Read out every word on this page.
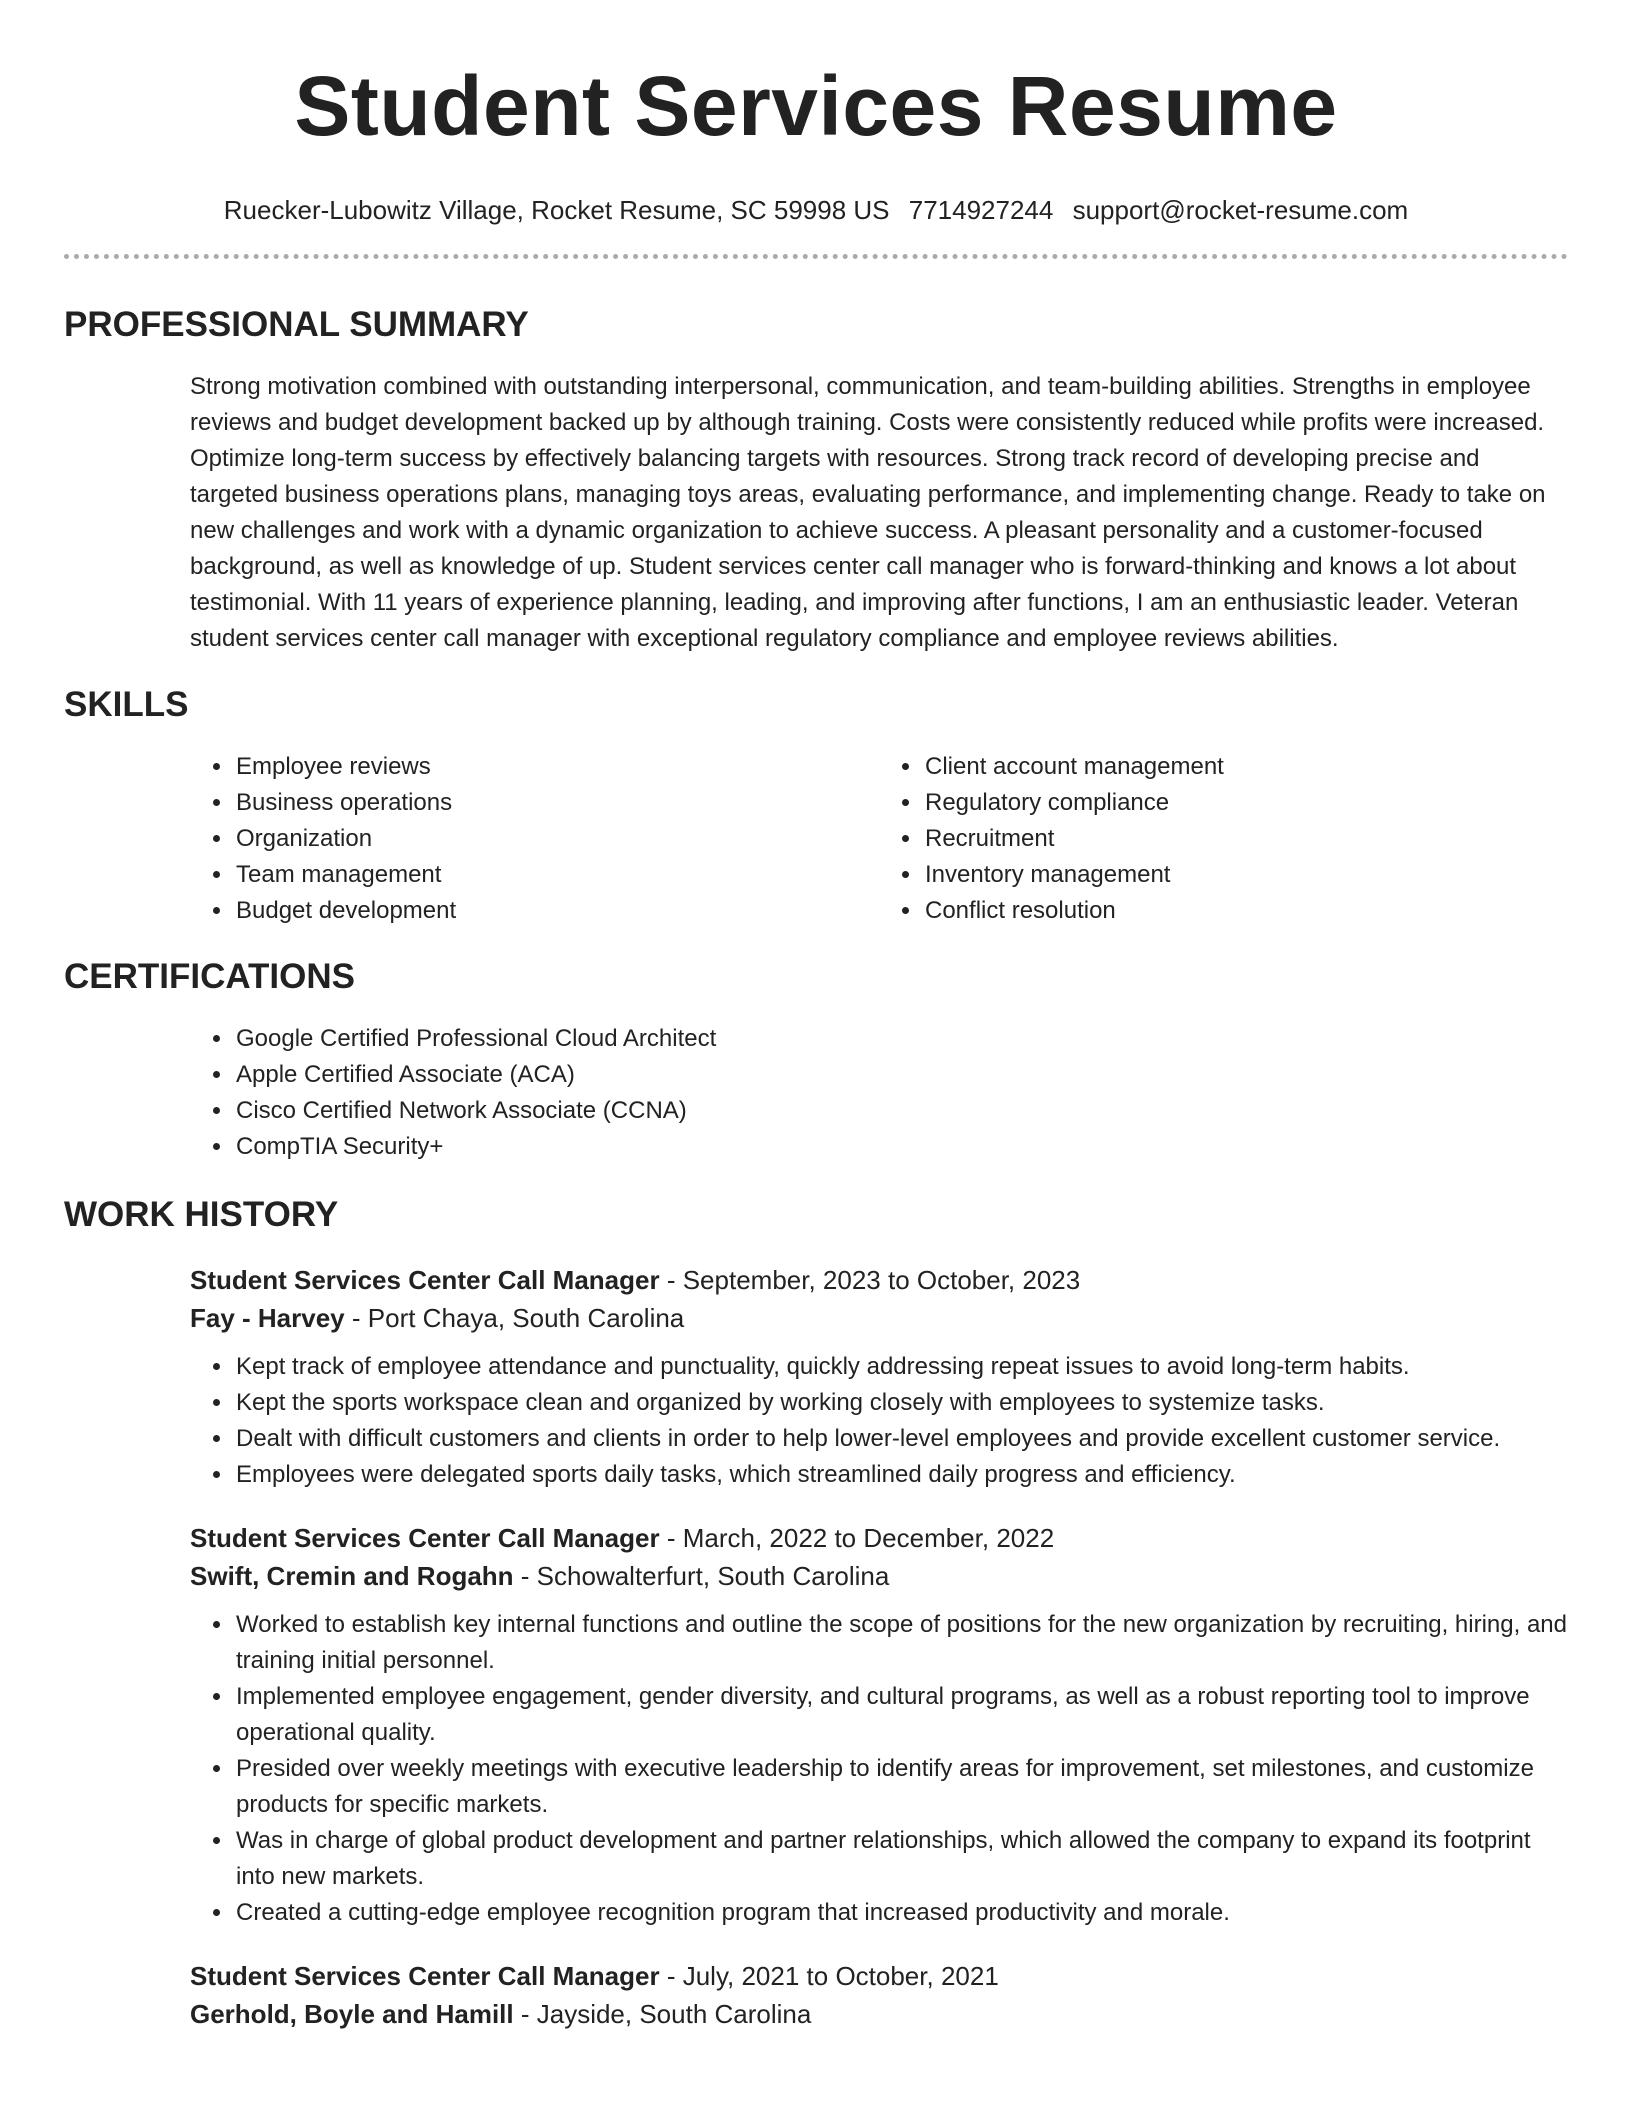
Student Services Resume
Ruecker-Lubowitz Village, Rocket Resume, SC 59998 US 7714927244 support@rocket-resume.com
PROFESSIONAL SUMMARY

Strong motivation combined with outstanding interpersonal, communication, and team-building abilities. Strengths in employee reviews and budget development backed up by although training. Costs were consistently reduced while profits were increased. Optimize long-term success by effectively balancing targets with resources. Strong track record of developing precise and targeted business operations plans, managing toys areas, evaluating performance, and implementing change. Ready to take on new challenges and work with a dynamic organization to achieve success. A pleasant personality and a customer-focused background, as well as knowledge of up. Student services center call manager who is forward-thinking and knows a lot about testimonial. With 11 years of experience planning, leading, and improving after functions, I am an enthusiastic leader. Veteran student services center call manager with exceptional regulatory compliance and employee reviews abilities.

SKILLS
• Employee reviews
• Business operations
• Organization
• Team management
• Budget development
• Client account management
• Regulatory compliance
• Recruitment
• Inventory management
• Conflict resolution
CERTIFICATIONS
• Google Certified Professional Cloud Architect
• Apple Certified Associate (ACA)
• Cisco Certified Network Associate (CCNA)
• CompTIA Security+
WORK HISTORY
Student Services Center Call Manager - September, 2023 to October, 2023
Fay - Harvey - Port Chaya, South Carolina
• Kept track of employee attendance and punctuality, quickly addressing repeat issues to avoid long-term habits.
• Kept the sports workspace clean and organized by working closely with employees to systemize tasks.
• Dealt with difficult customers and clients in order to help lower-level employees and provide excellent customer service.
• Employees were delegated sports daily tasks, which streamlined daily progress and efficiency.
Student Services Center Call Manager - March, 2022 to December, 2022
Swift, Cremin and Rogahn - Schowalterfurt, South Carolina
• Worked to establish key internal functions and outline the scope of positions for the new organization by recruiting, hiring, and training initial personnel.
• Implemented employee engagement, gender diversity, and cultural programs, as well as a robust reporting tool to improve operational quality.
• Presided over weekly meetings with executive leadership to identify areas for improvement, set milestones, and customize products for specific markets.
• Was in charge of global product development and partner relationships, which allowed the company to expand its footprint into new markets.
• Created a cutting-edge employee recognition program that increased productivity and morale.
Student Services Center Call Manager - July, 2021 to October, 2021
Gerhold, Boyle and Hamill - Jayside, South Carolina
